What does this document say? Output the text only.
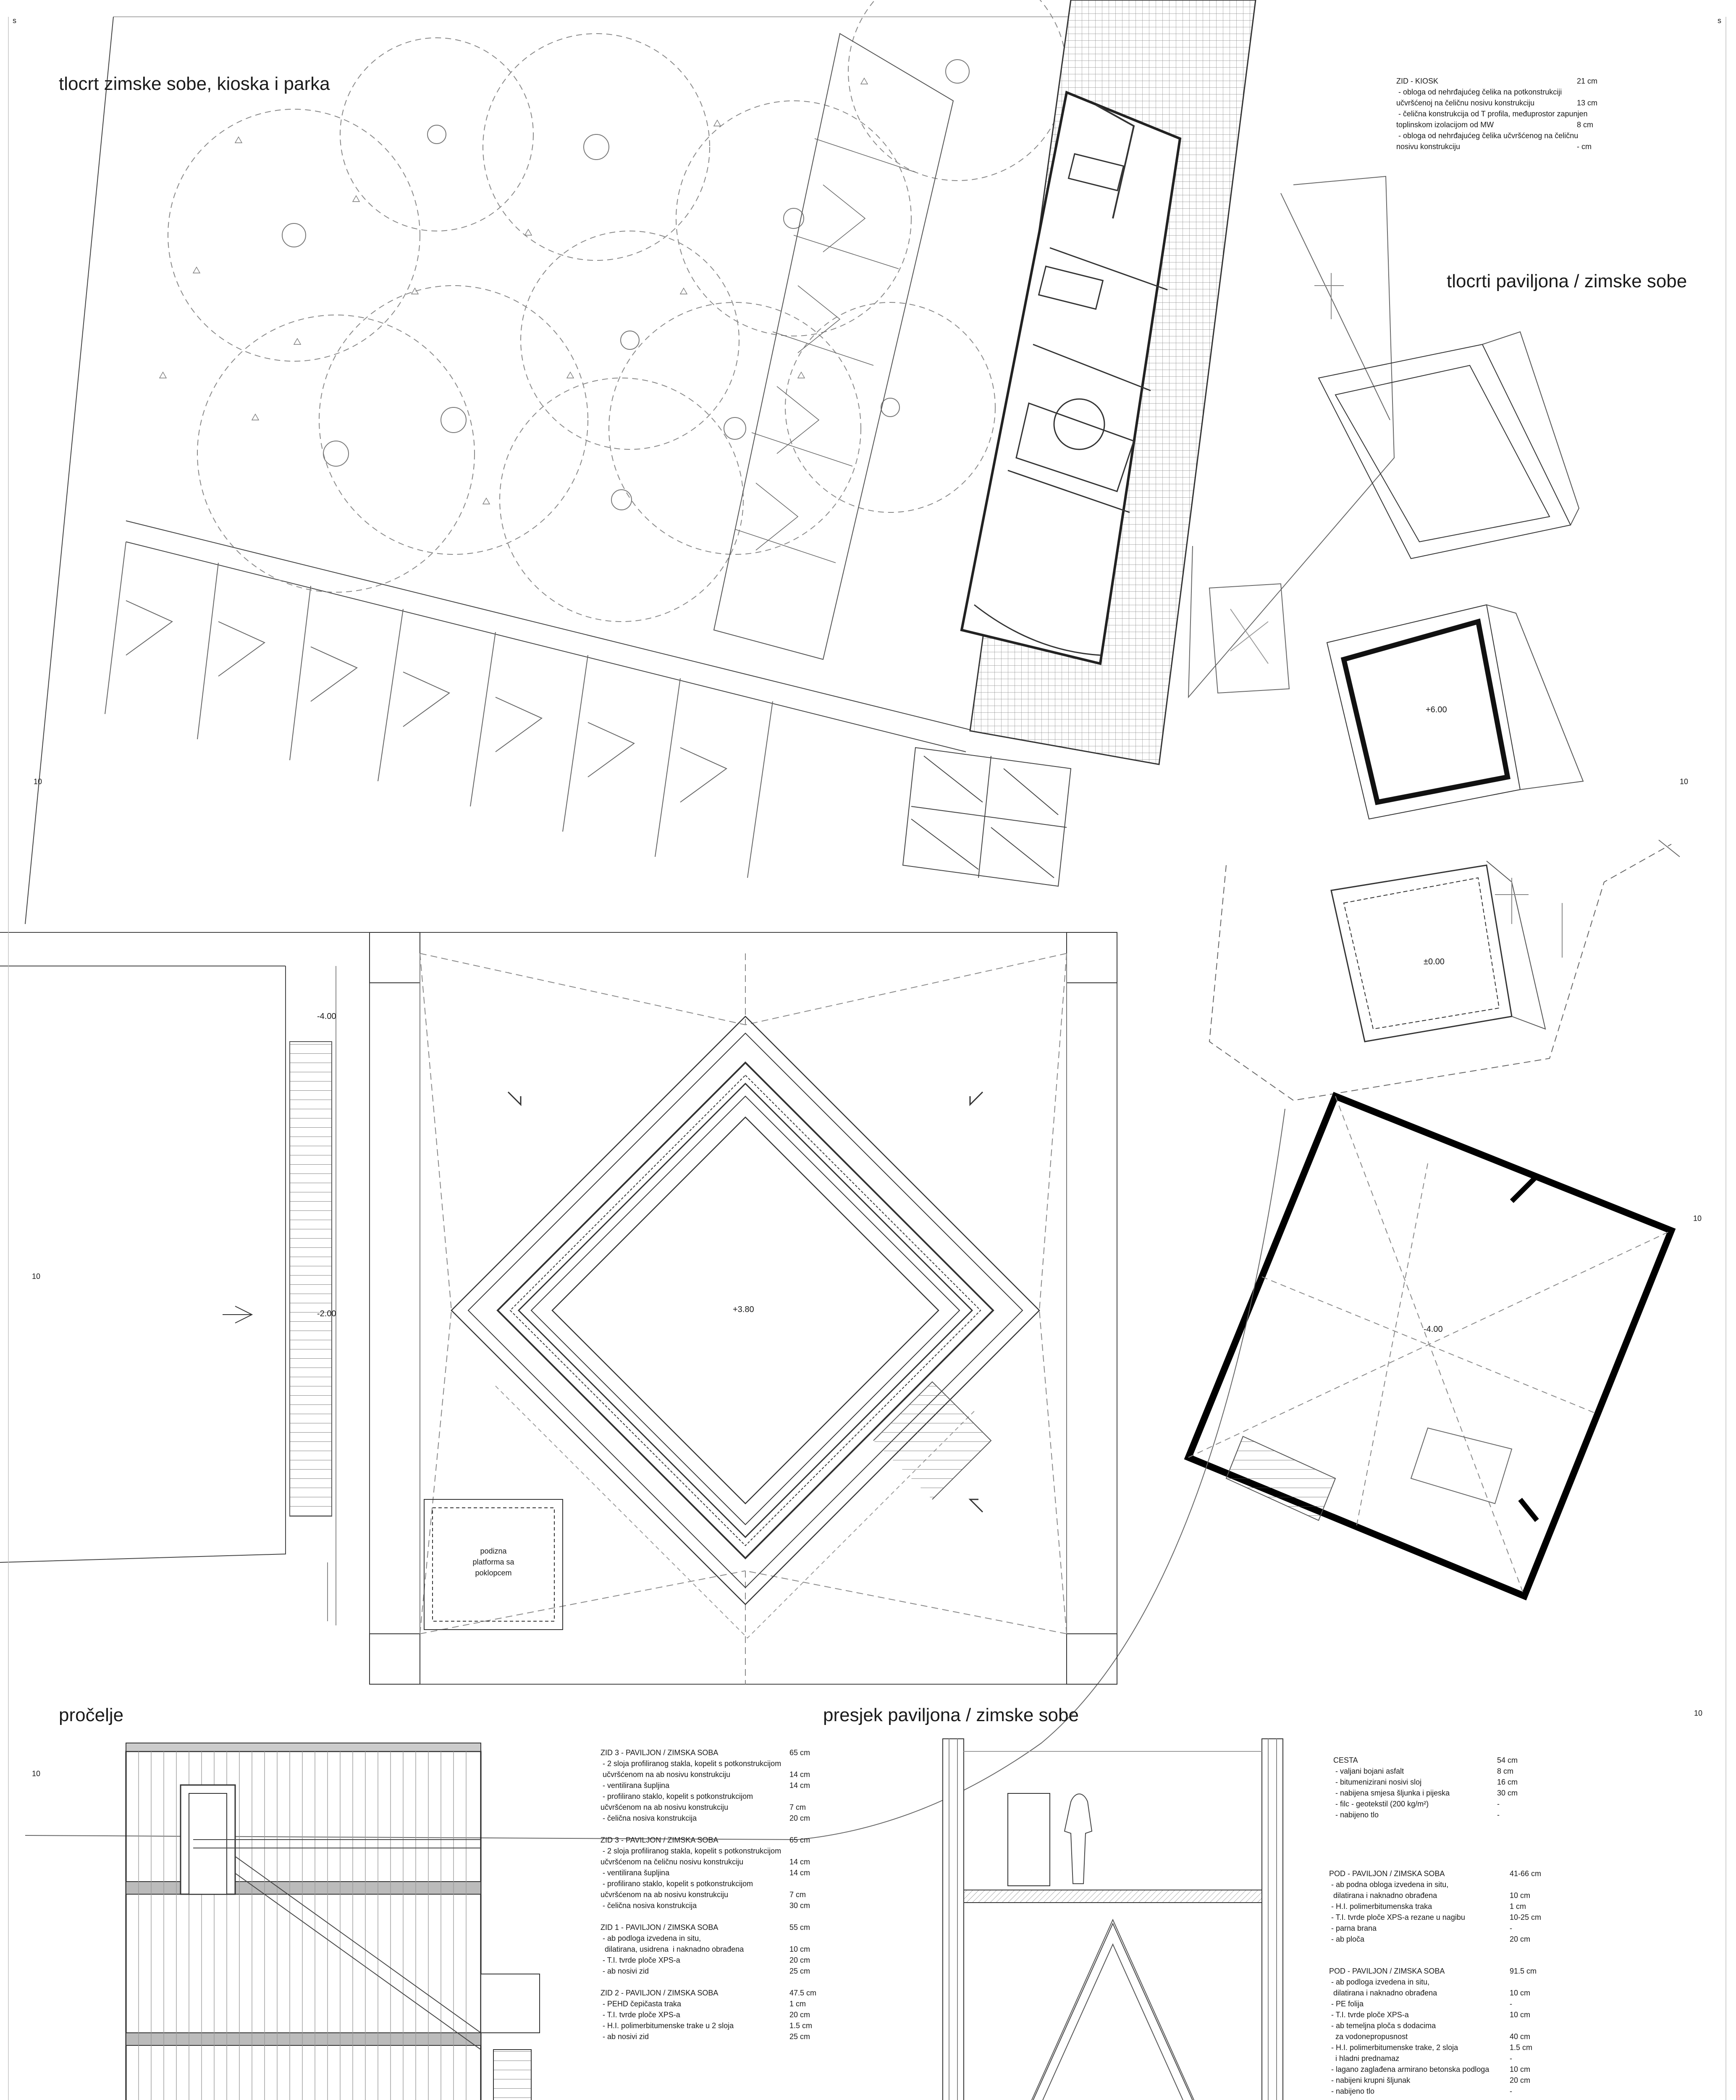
tlocrt zimske sobe, kioska i parka
tlocrti paviljona / zimske sobe
pročelje	presjek paviljona / zimske sobe
s	s
10	10
10
10
10
10
+6.00
±0.00
-4.00
-4.00
-2.00	+3.80
podizna
platforma sa
poklopcem
ZID - KIOSK	21 cm
- obloga od nehrđajućeg čelika na potkonstrukciji
učvršćenoj na čeličnu nosivu konstrukciju	13 cm
- čelična konstrukcija od T profila, međuprostor zapunjen
toplinskom izolacijom od MW	8 cm
- obloga od nehrđajućeg čelika učvršćenog na čeličnu
nosivu konstrukciju	- cm
ZID 3 - PAVILJON / ZIMSKA SOBA	65 cm
- 2 sloja profiliranog stakla, kopelit s potkonstrukcijom
učvršćenom na ab nosivu konstrukciju	14 cm
- ventilirana šupljina	14 cm
- profilirano staklo, kopelit s potkonstrukcijom
učvršćenom na ab nosivu konstrukciju	7 cm
- čelična nosiva konstrukcija	20 cm
ZID 3 - PAVILJON / ZIMSKA SOBA	65 cm
- 2 sloja profiliranog stakla, kopelit s potkonstrukcijom
učvršćenom na čeličnu nosivu konstrukciju	14 cm
- ventilirana šupljina	14 cm
- profilirano staklo, kopelit s potkonstrukcijom
učvršćenom na ab nosivu konstrukciju	7 cm
- čelična nosiva konstrukcija	30 cm
ZID 1 - PAVILJON / ZIMSKA SOBA	55 cm
- ab podloga izvedena in situ,
dilatirana, usidrena  i naknadno obrađena	10 cm
- T.I. tvrde ploče XPS-a	20 cm
- ab nosivi zid	25 cm
ZID 2 - PAVILJON / ZIMSKA SOBA	47.5 cm
- PEHD čepičasta traka	1 cm
- T.I. tvrde ploče XPS-a	20 cm
- H.I. polimerbitumenske trake u 2 sloja	1.5 cm
- ab nosivi zid	25 cm
CESTA	54 cm
- valjani bojani asfalt	8 cm
- bitumenizirani nosivi sloj	16 cm
- nabijena smjesa šljunka i pijeska	30 cm
- filc - geotekstil (200 kg/m²)	-
- nabijeno tlo	-
POD - PAVILJON / ZIMSKA SOBA	41-66 cm
- ab podna obloga izvedena in situ,
dilatirana i naknadno obrađena	10 cm
- H.I. polimerbitumenska traka	1 cm
- T.I. tvrde ploče XPS-a rezane u nagibu	10-25 cm
- parna brana	-
- ab ploča	20 cm
POD - PAVILJON / ZIMSKA SOBA	91.5 cm
- ab podloga izvedena in situ,
dilatirana i naknadno obrađena	10 cm
- PE folija	-
- T.I. tvrde ploče XPS-a	10 cm
- ab temeljna ploča s dodacima
za vodonepropusnost	40 cm
- H.I. polimerbitumenske trake, 2 sloja	1.5 cm
i hladni prednamaz	-
- lagano zaglađena armirano betonska podloga	10 cm
- nabijeni krupni šljunak	20 cm
- nabijeno tlo	-
